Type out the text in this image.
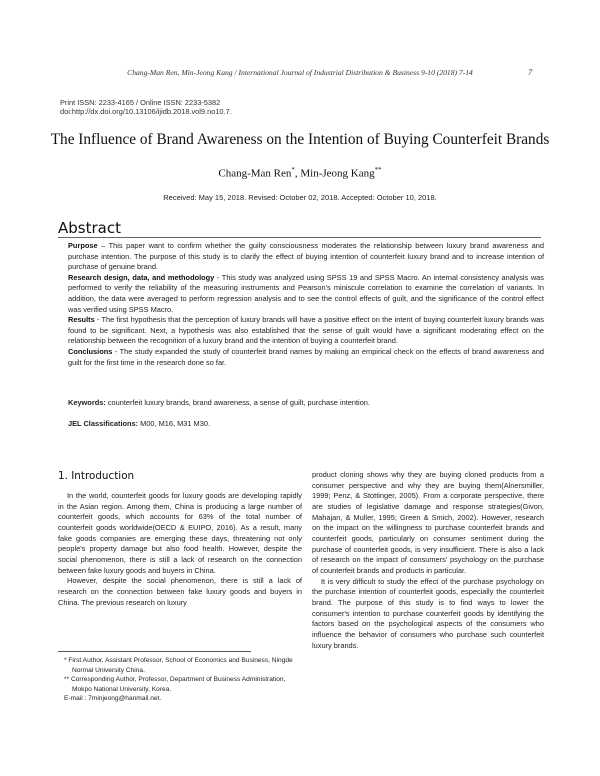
Chang-Man Ren, Min-Jeong Kang / International Journal of Industrial Distribution & Business 9-10 (2018) 7-14	7
Print ISSN: 2233-4165 / Online ISSN: 2233-5382
doi:http://dx.doi.org/10.13106/ijidb.2018.vol9.no10.7.
The Influence of Brand Awareness on the Intention of Buying Counterfeit Brands
Chang-Man Ren*, Min-Jeong Kang**
Received: May 15, 2018. Revised: October 02, 2018. Accepted: October 10, 2018.
Abstract

Purpose – This paper want to confirm whether the guilty consciousness moderates the relationship between luxury brand awareness and purchase intention. The purpose of this study is to clarify the effect of buying intention of counterfeit luxury brand and to increase intention of purchase of genuine brand.

Research design, data, and methodology - This study was analyzed using SPSS 19 and SPSS Macro. An internal consistency analysis was performed to verify the reliability of the measuring instruments and Pearson's miniscule correlation to examine the correlation of variants. In addition, the data were averaged to perform regression analysis and to see the control effects of guilt, and the significance of the control effect was verified using SPSS Macro.

Results - The first hypothesis that the perception of luxury brands will have a positive effect on the intent of buying counterfeit luxury brands was found to be significant. Next, a hypothesis was also established that the sense of guilt would have a significant moderating effect on the relationship between the recognition of a luxury brand and the intention of buying a counterfeit brand.

Conclusions - The study expanded the study of counterfeit brand names by making an empirical check on the effects of brand awareness and guilt for the first time in the research done so far.

Keywords: counterfeit luxury brands, brand awareness, a sense of guilt, purchase intention.
JEL Classifications: M00, M16, M31 M30.
1. Introduction

In the world, counterfeit goods for luxury goods are developing rapidly in the Asian region. Among them, China is producing a large number of counterfeit goods, which accounts for 63% of the total number of counterfeit goods worldwide(OECD & EUIPO, 2016). As a result, many fake goods companies are emerging these days, threatening not only people's property damage but also food health. However, despite the social phenomenon, there is still a lack of research on the connection between fake luxury goods and buyers in China.

However, despite the social phenomenon, there is still a lack of research on the connection between fake luxury goods and buyers in China. The previous research on luxury

product cloning shows why they are buying cloned products from a consumer perspective and why they are buying them(Alnersmiller, 1999; Penz, & Stottinger, 2005). From a corporate perspective, there are studies of legislative damage and response strategies(Givon, Mahajan, & Muller, 1995; Green & Smich, 2002). However, research on the impact on the willingness to purchase counterfeit brands and counterfeit goods, particularly on consumer sentiment during the purchase of counterfeit goods, is very insufficient. There is also a lack of research on the impact of consumers' psychology on the purchase of counterfeit brands and products in particular.

It is very difficult to study the effect of the purchase psychology on the purchase intention of counterfeit goods, especially the counterfeit brand. The purpose of this study is to find ways to lower the consumer's intention to purchase counterfeit goods by identifying the factors based on the psychological aspects of the consumers who influence the behavior of consumers who purchase such counterfeit luxury brands.

* First Author, Assistant Professor, School of Economics and Business, Ningde Normal University China.
** Corresponding Author, Professor, Department of Business Administration, Mokpo National University, Korea.
E-mail : 7minjeong@hanmail.net.
